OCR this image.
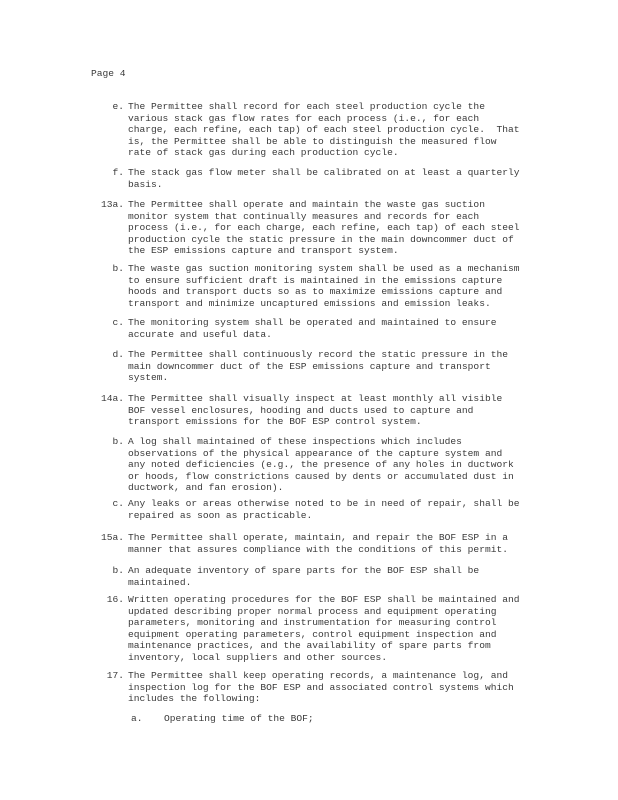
Page 4
e. The Permittee shall record for each steel production cycle the
various stack gas flow rates for each process (i.e., for each
charge, each refine, each tap) of each steel production cycle.  That
is, the Permittee shall be able to distinguish the measured flow
rate of stack gas during each production cycle.
f. The stack gas flow meter shall be calibrated on at least a quarterly
basis.
13a. The Permittee shall operate and maintain the waste gas suction
monitor system that continually measures and records for each
process (i.e., for each charge, each refine, each tap) of each steel
production cycle the static pressure in the main downcommer duct of
the ESP emissions capture and transport system.
b. The waste gas suction monitoring system shall be used as a mechanism
to ensure sufficient draft is maintained in the emissions capture
hoods and transport ducts so as to maximize emissions capture and
transport and minimize uncaptured emissions and emission leaks.
c. The monitoring system shall be operated and maintained to ensure
accurate and useful data.
d. The Permittee shall continuously record the static pressure in the
main downcommer duct of the ESP emissions capture and transport
system.
14a. The Permittee shall visually inspect at least monthly all visible
BOF vessel enclosures, hooding and ducts used to capture and
transport emissions for the BOF ESP control system.
b. A log shall maintained of these inspections which includes
observations of the physical appearance of the capture system and
any noted deficiencies (e.g., the presence of any holes in ductwork
or hoods, flow constrictions caused by dents or accumulated dust in
ductwork, and fan erosion).
c. Any leaks or areas otherwise noted to be in need of repair, shall be
repaired as soon as practicable.
15a. The Permittee shall operate, maintain, and repair the BOF ESP in a
manner that assures compliance with the conditions of this permit.
b. An adequate inventory of spare parts for the BOF ESP shall be
maintained.
16. Written operating procedures for the BOF ESP shall be maintained and
updated describing proper normal process and equipment operating
parameters, monitoring and instrumentation for measuring control
equipment operating parameters, control equipment inspection and
maintenance practices, and the availability of spare parts from
inventory, local suppliers and other sources.
17. The Permittee shall keep operating records, a maintenance log, and
inspection log for the BOF ESP and associated control systems which
includes the following:
a. Operating time of the BOF;
